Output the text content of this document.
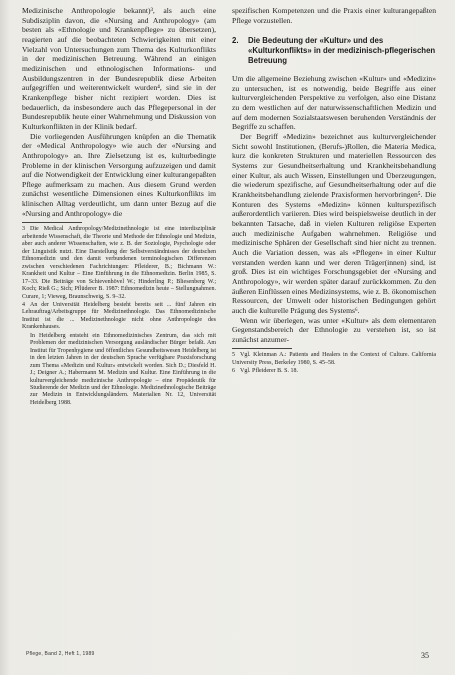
Medizinische Anthropologie bekannt)³, als auch eine Subdisziplin davon, die «Nursing and Anthropology» (am besten als «Ethnologie und Krankenpflege» zu übersetzen), reagierten auf die beobachteten Schwierigkeiten mit einer Vielzahl von Untersuchungen zum Thema des Kulturkonflikts in der medizinischen Betreuung. Während an einigen medizinischen und ethnologischen Informations- und Ausbildungszentren in der Bundesrepublik diese Arbeiten aufgegriffen und weiterentwickelt wurden⁴, sind sie in der Krankenpflege bisher nicht rezipiert worden. Dies ist bedauerlich, da insbesondere auch das Pflegepersonal in der Bundesrepublik heute einer Wahrnehmung und Diskussion von Kulturkonflikten in der Klinik bedarf.

Die vorliegenden Ausführungen knüpfen an die Thematik der «Medical Anthropology» wie auch der «Nursing and Anthropology» an. Ihre Zielsetzung ist es, kulturbedingte Probleme in der klinischen Versorgung aufzuzeigen und damit auf die Notwendigkeit der Entwicklung einer kulturangepaßten Pflege aufmerksam zu machen. Aus diesem Grund werden zunächst wesentliche Dimensionen eines Kulturkonflikts im klinischen Alltag verdeutlicht, um dann unter Bezug auf die «Nursing and Anthropology» die

3 Die Medical Anthropology/Medizinethnologie ist eine interdisziplinär arbeitende Wissenschaft, die Theorie und Methode der Ethnologie und Medizin, aber auch anderer Wissenschaften, wie z. B. der Soziologie, Psychologie oder der Linguistik nutzt. Eine Darstellung der Selbstverständnisses der deutschen Ethnomedizin und den damit verbundenen terminologischen Differenzen zwischen verschiedenen Fachrichtungen: Pfleiderer, B.; Bichmann W.: Krankheit und Kultur – Eine Einführung in die Ethnomedizin. Berlin 1985, S. 17–33. Die Beiträge von Schievenhövel W.; Hinderling P.; Bliesenberg W.; Koch; Rieß G.; Sich; Pflüderer B. 1987: Ethnomedizin heute – Stellungnahmen. Curare, 1; Vieweg, Braunschweig, S. 9–32.

4 An der Universität Heidelberg besteht bereits seit ... fünf Jahren ein Lehrauftrag/Arbeitsgruppe für Medizinethnologie. Das Ethnomedizinische Institut ist die ... Medizinethnologie nicht ohne Anthropologie des Krankenhauses.

In Heidelberg entsteht ein Ethnomedizinisches Zentrum, das sich mit Problemen der medizinischen Versorgung ausländischer Bürger befaßt. Am Institut für Tropenhygiene und öffentliches Gesundheitswesen Heidelberg ist in den letzten Jahren in der deutschen Sprache verfügbare Praxisforschung zum Thema «Medizin und Kultur» entwickelt worden. Sich D.; Diesfeld H. J.; Deigner A.; Habermann M. Medizin und Kultur. Eine Einführung in die kulturvergleichende medizinische Anthropologie – eine Propädeutik für Studierende der Medizin und der Ethnologie. Medizinethnologische Beiträge zur Medizin in Entwicklungsländern. Materialien Nr. 12, Universität Heidelberg 1988.

spezifischen Kompetenzen und die Praxis einer kulturangepaßten Pflege vorzustellen.

2.	Die Bedeutung der «Kultur» und des «Kulturkonflikts» in der medizinisch-pflegerischen Betreuung

Um die allgemeine Beziehung zwischen «Kultur» und «Medizin» zu untersuchen, ist es notwendig, beide Begriffe aus einer kulturvergleichenden Perspektive zu verfolgen, also eine Distanz zu dem westlichen auf der naturwissenschaftlichen Medizin und auf dem modernen Sozialstaatswesen beruhenden Verständnis der Begriffe zu schaffen.

Der Begriff «Medizin» bezeichnet aus kulturvergleichender Sicht sowohl Institutionen, (Berufs-)Rollen, die Materia Medica, kurz die konkreten Strukturen und materiellen Ressourcen des Systems zur Gesundheitserhaltung und Krankheitsbehandlung einer Kultur, als auch Wissen, Einstellungen und Überzeugungen, die wiederum spezifische, auf Gesundheitserhaltung oder auf die Krankheitsbehandlung zielende Praxisformen hervorbringen⁵. Die Konturen des Systems «Medizin» können kulturspezifisch außerordentlich variieren. Dies wird beispielsweise deutlich in der bekannten Tatsache, daß in vielen Kulturen religiöse Experten auch medizinische Aufgaben wahrnehmen. Religiöse und medizinische Sphären der Gesellschaft sind hier nicht zu trennen. Auch die Variation dessen, was als «Pflegen» in einer Kultur verstanden werden kann und wer deren Träger(innen) sind, ist groß. Dies ist ein wichtiges Forschungsgebiet der «Nursing and Anthropology», wir werden später darauf zurückkommen. Zu den äußeren Einflüssen eines Medizinsystems, wie z. B. ökonomischen Ressourcen, der Umwelt oder historischen Bedingungen gehört auch die kulturelle Prägung des Systems⁶.

Wenn wir überlegen, was unter «Kultur» als dem elementaren Gegenstandsbereich der Ethnologie zu verstehen ist, so ist zunächst anzumer-

5 Vgl. Kleinman A.: Patients and Healers in the Context of Culture. California University Press, Berkeley 1980, S. 45–58.

6 Vgl. Pfleiderer B. S. 18.

Pflege, Band 2, Heft 1, 1989	35
